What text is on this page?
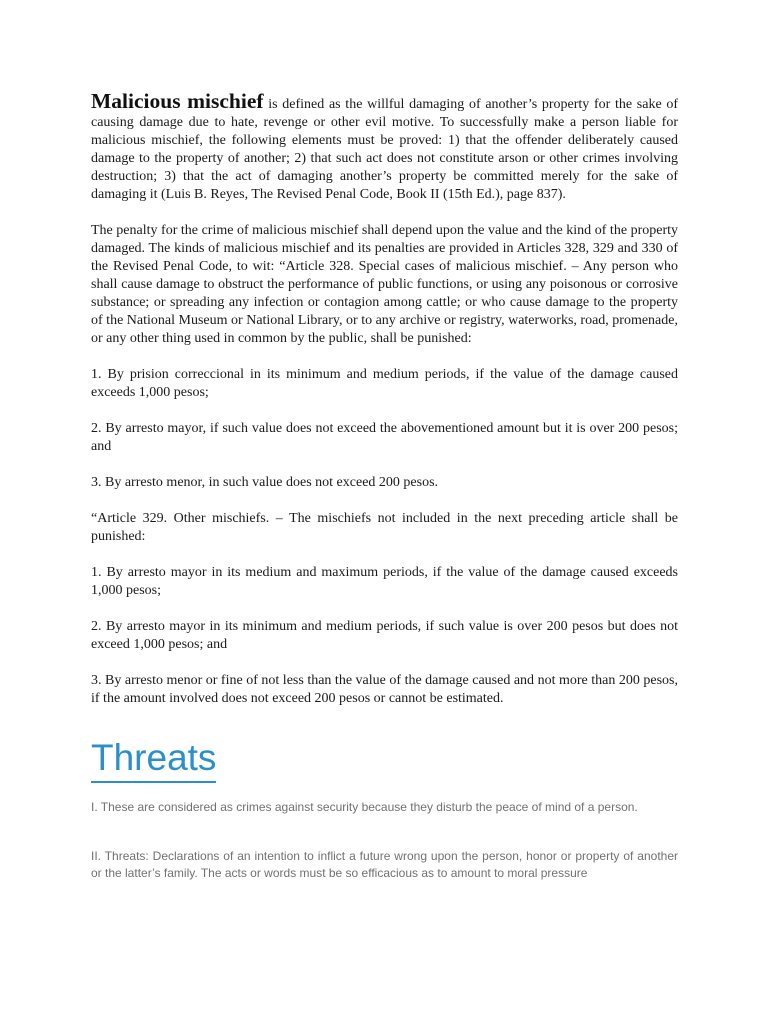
Malicious mischief is defined as the willful damaging of another’s property for the sake of causing damage due to hate, revenge or other evil motive. To successfully make a person liable for malicious mischief, the following elements must be proved: 1) that the offender deliberately caused damage to the property of another; 2) that such act does not constitute arson or other crimes involving destruction; 3) that the act of damaging another’s property be committed merely for the sake of damaging it (Luis B. Reyes, The Revised Penal Code, Book II (15th Ed.), page 837).

The penalty for the crime of malicious mischief shall depend upon the value and the kind of the property damaged. The kinds of malicious mischief and its penalties are provided in Articles 328, 329 and 330 of the Revised Penal Code, to wit: “Article 328. Special cases of malicious mischief. – Any person who shall cause damage to obstruct the performance of public functions, or using any poisonous or corrosive substance; or spreading any infection or contagion among cattle; or who cause damage to the property of the National Museum or National Library, or to any archive or registry, waterworks, road, promenade, or any other thing used in common by the public, shall be punished:

1. By prision correccional in its minimum and medium periods, if the value of the damage caused exceeds 1,000 pesos;

2. By arresto mayor, if such value does not exceed the abovementioned amount but it is over 200 pesos; and

3. By arresto menor, in such value does not exceed 200 pesos.

“Article 329. Other mischiefs. – The mischiefs not included in the next preceding article shall be punished:

1. By arresto mayor in its medium and maximum periods, if the value of the damage caused exceeds 1,000 pesos;

2. By arresto mayor in its minimum and medium periods, if such value is over 200 pesos but does not exceed 1,000 pesos; and

3. By arresto menor or fine of not less than the value of the damage caused and not more than 200 pesos, if the amount involved does not exceed 200 pesos or cannot be estimated.

Threats

I. These are considered as crimes against security because they disturb the peace of mind of a person.

II. Threats: Declarations of an intention to inflict a future wrong upon the person, honor or property of another or the latter’s family. The acts or words must be so efficacious as to amount to moral pressure
